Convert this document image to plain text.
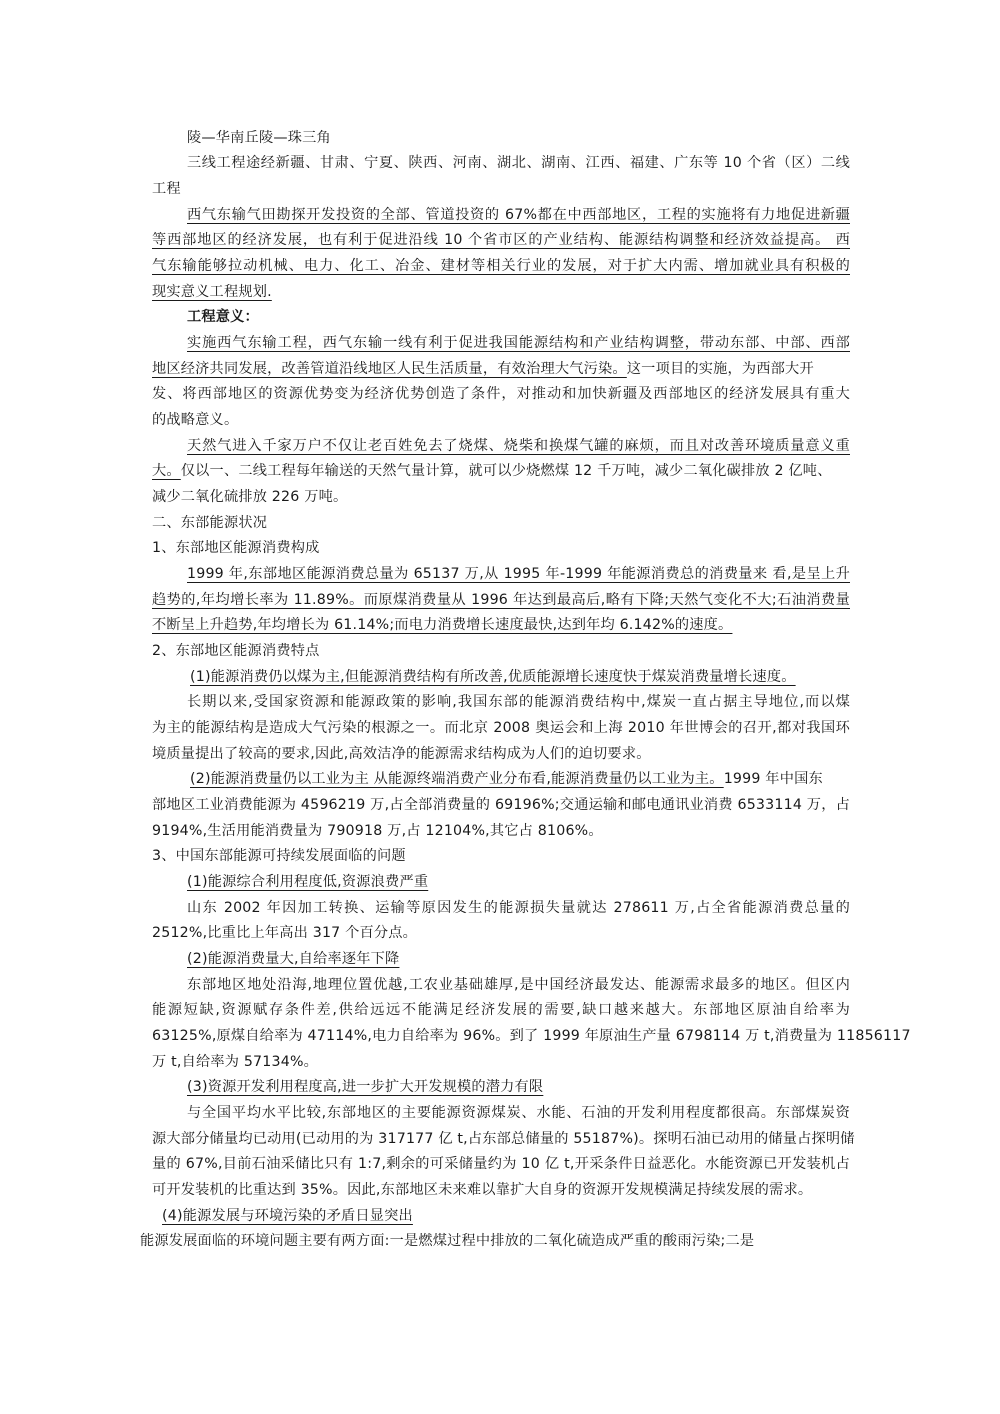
陵—华南丘陵—珠三角
三线工程途经新疆、甘肃、宁夏、陕西、河南、湖北、湖南、江西、福建、广东等 10 个省（区）二线
工程
西气东输气田勘探开发投资的全部、管道投资的 67%都在中西部地区，工程的实施将有力地促进新疆
等西部地区的经济发展，也有利于促进沿线 10 个省市区的产业结构、能源结构调整和经济效益提高。 西
气东输能够拉动机械、电力、化工、冶金、建材等相关行业的发展，对于扩大内需、增加就业具有积极的
现实意义工程规划.
工程意义：
实施西气东输工程，西气东输一线有利于促进我国能源结构和产业结构调整，带动东部、中部、西部
地区经济共同发展，改善管道沿线地区人民生活质量，有效治理大气污染。这一项目的实施，为西部大开
发、将西部地区的资源优势变为经济优势创造了条件，对推动和加快新疆及西部地区的经济发展具有重大
的战略意义。
天然气进入千家万户不仅让老百姓免去了烧煤、烧柴和换煤气罐的麻烦，而且对改善环境质量意义重
大。仅以一、二线工程每年输送的天然气量计算，就可以少烧燃煤 12 千万吨，减少二氧化碳排放 2 亿吨、
减少二氧化硫排放 226 万吨。
二、东部能源状况
1、东部地区能源消费构成
1999 年,东部地区能源消费总量为 65137 万,从 1995 年-1999 年能源消费总的消费量来 看,是呈上升
趋势的,年均增长率为 11.89%。而原煤消费量从 1996 年达到最高后,略有下降;天然气变化不大;石油消费量
不断呈上升趋势,年均增长为 61.14%;而电力消费增长速度最快,达到年均 6.142%的速度。
2、东部地区能源消费特点
(1)能源消费仍以煤为主,但能源消费结构有所改善,优质能源增长速度快于煤炭消费量增长速度。
长期以来,受国家资源和能源政策的影响,我国东部的能源消费结构中,煤炭一直占据主导地位,而以煤
为主的能源结构是造成大气污染的根源之一。而北京 2008 奥运会和上海 2010 年世博会的召开,都对我国环
境质量提出了较高的要求,因此,高效洁净的能源需求结构成为人们的迫切要求。
(2)能源消费量仍以工业为主 从能源终端消费产业分布看,能源消费量仍以工业为主。1999 年中国东
部地区工业消费能源为 4596219 万,占全部消费量的 69196%;交通运输和邮电通讯业消费 6533114 万，占
9194%,生活用能消费量为 790918 万,占 12104%,其它占 8106%。
3、中国东部能源可持续发展面临的问题
(1)能源综合利用程度低,资源浪费严重
山东 2002 年因加工转换、运输等原因发生的能源损失量就达 278611 万,占全省能源消费总量的
2512%,比重比上年高出 317 个百分点。
(2)能源消费量大,自给率逐年下降
东部地区地处沿海,地理位置优越,工农业基础雄厚,是中国经济最发达、能源需求最多的地区。但区内
能源短缺,资源赋存条件差,供给远远不能满足经济发展的需要,缺口越来越大。东部地区原油自给率为
63125%,原煤自给率为 47114%,电力自给率为 96%。到了 1999 年原油生产量 6798114 万 t,消费量为 11856117
万 t,自给率为 57134%。
(3)资源开发利用程度高,进一步扩大开发规模的潜力有限
与全国平均水平比较,东部地区的主要能源资源煤炭、水能、石油的开发利用程度都很高。东部煤炭资
源大部分储量均已动用(已动用的为 317177 亿 t,占东部总储量的 55187%)。探明石油已动用的储量占探明储
量的 67%,目前石油采储比只有 1:7,剩余的可采储量约为 10 亿 t,开采条件日益恶化。水能资源已开发装机占
可开发装机的比重达到 35%。因此,东部地区未来难以靠扩大自身的资源开发规模满足持续发展的需求。
(4)能源发展与环境污染的矛盾日显突出
能源发展面临的环境问题主要有两方面:一是燃煤过程中排放的二氧化硫造成严重的酸雨污染;二是
